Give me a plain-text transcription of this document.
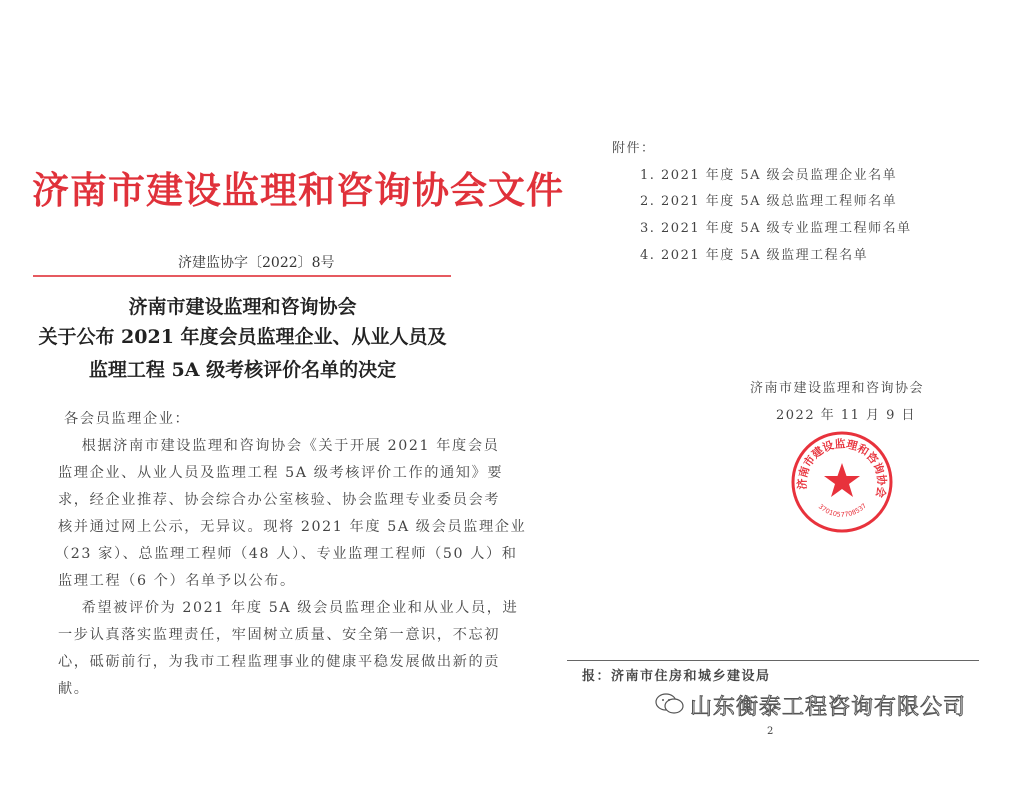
济南市建设监理和咨询协会文件
济建监协字〔2022〕8号
济南市建设监理和咨询协会
关于公布 2021 年度会员监理企业、从业人员及
监理工程 5A 级考核评价名单的决定
各会员监理企业：
　　根据济南市建设监理和咨询协会《关于开展 2021 年度会员
监理企业、从业人员及监理工程 5A 级考核评价工作的通知》要
求，经企业推荐、协会综合办公室核验、协会监理专业委员会考
核并通过网上公示，无异议。现将 2021 年度 5A 级会员监理企业
（23 家）、总监理工程师（48 人）、专业监理工程师（50 人）和
监理工程（6 个）名单予以公布。
　　希望被评价为 2021 年度 5A 级会员监理企业和从业人员，进
一步认真落实监理责任，牢固树立质量、安全第一意识，不忘初
心，砥砺前行，为我市工程监理事业的健康平稳发展做出新的贡
献。
附件：
1. 2021 年度 5A 级会员监理企业名单
2. 2021 年度 5A 级总监理工程师名单
3. 2021 年度 5A 级专业监理工程师名单
4. 2021 年度 5A 级监理工程名单
济南市建设监理和咨询协会
2022 年 11 月 9 日
济南市建设监理和咨询协会
3701057708537
报：济南市住房和城乡建设局
山东衡泰工程咨询有限公司
2
